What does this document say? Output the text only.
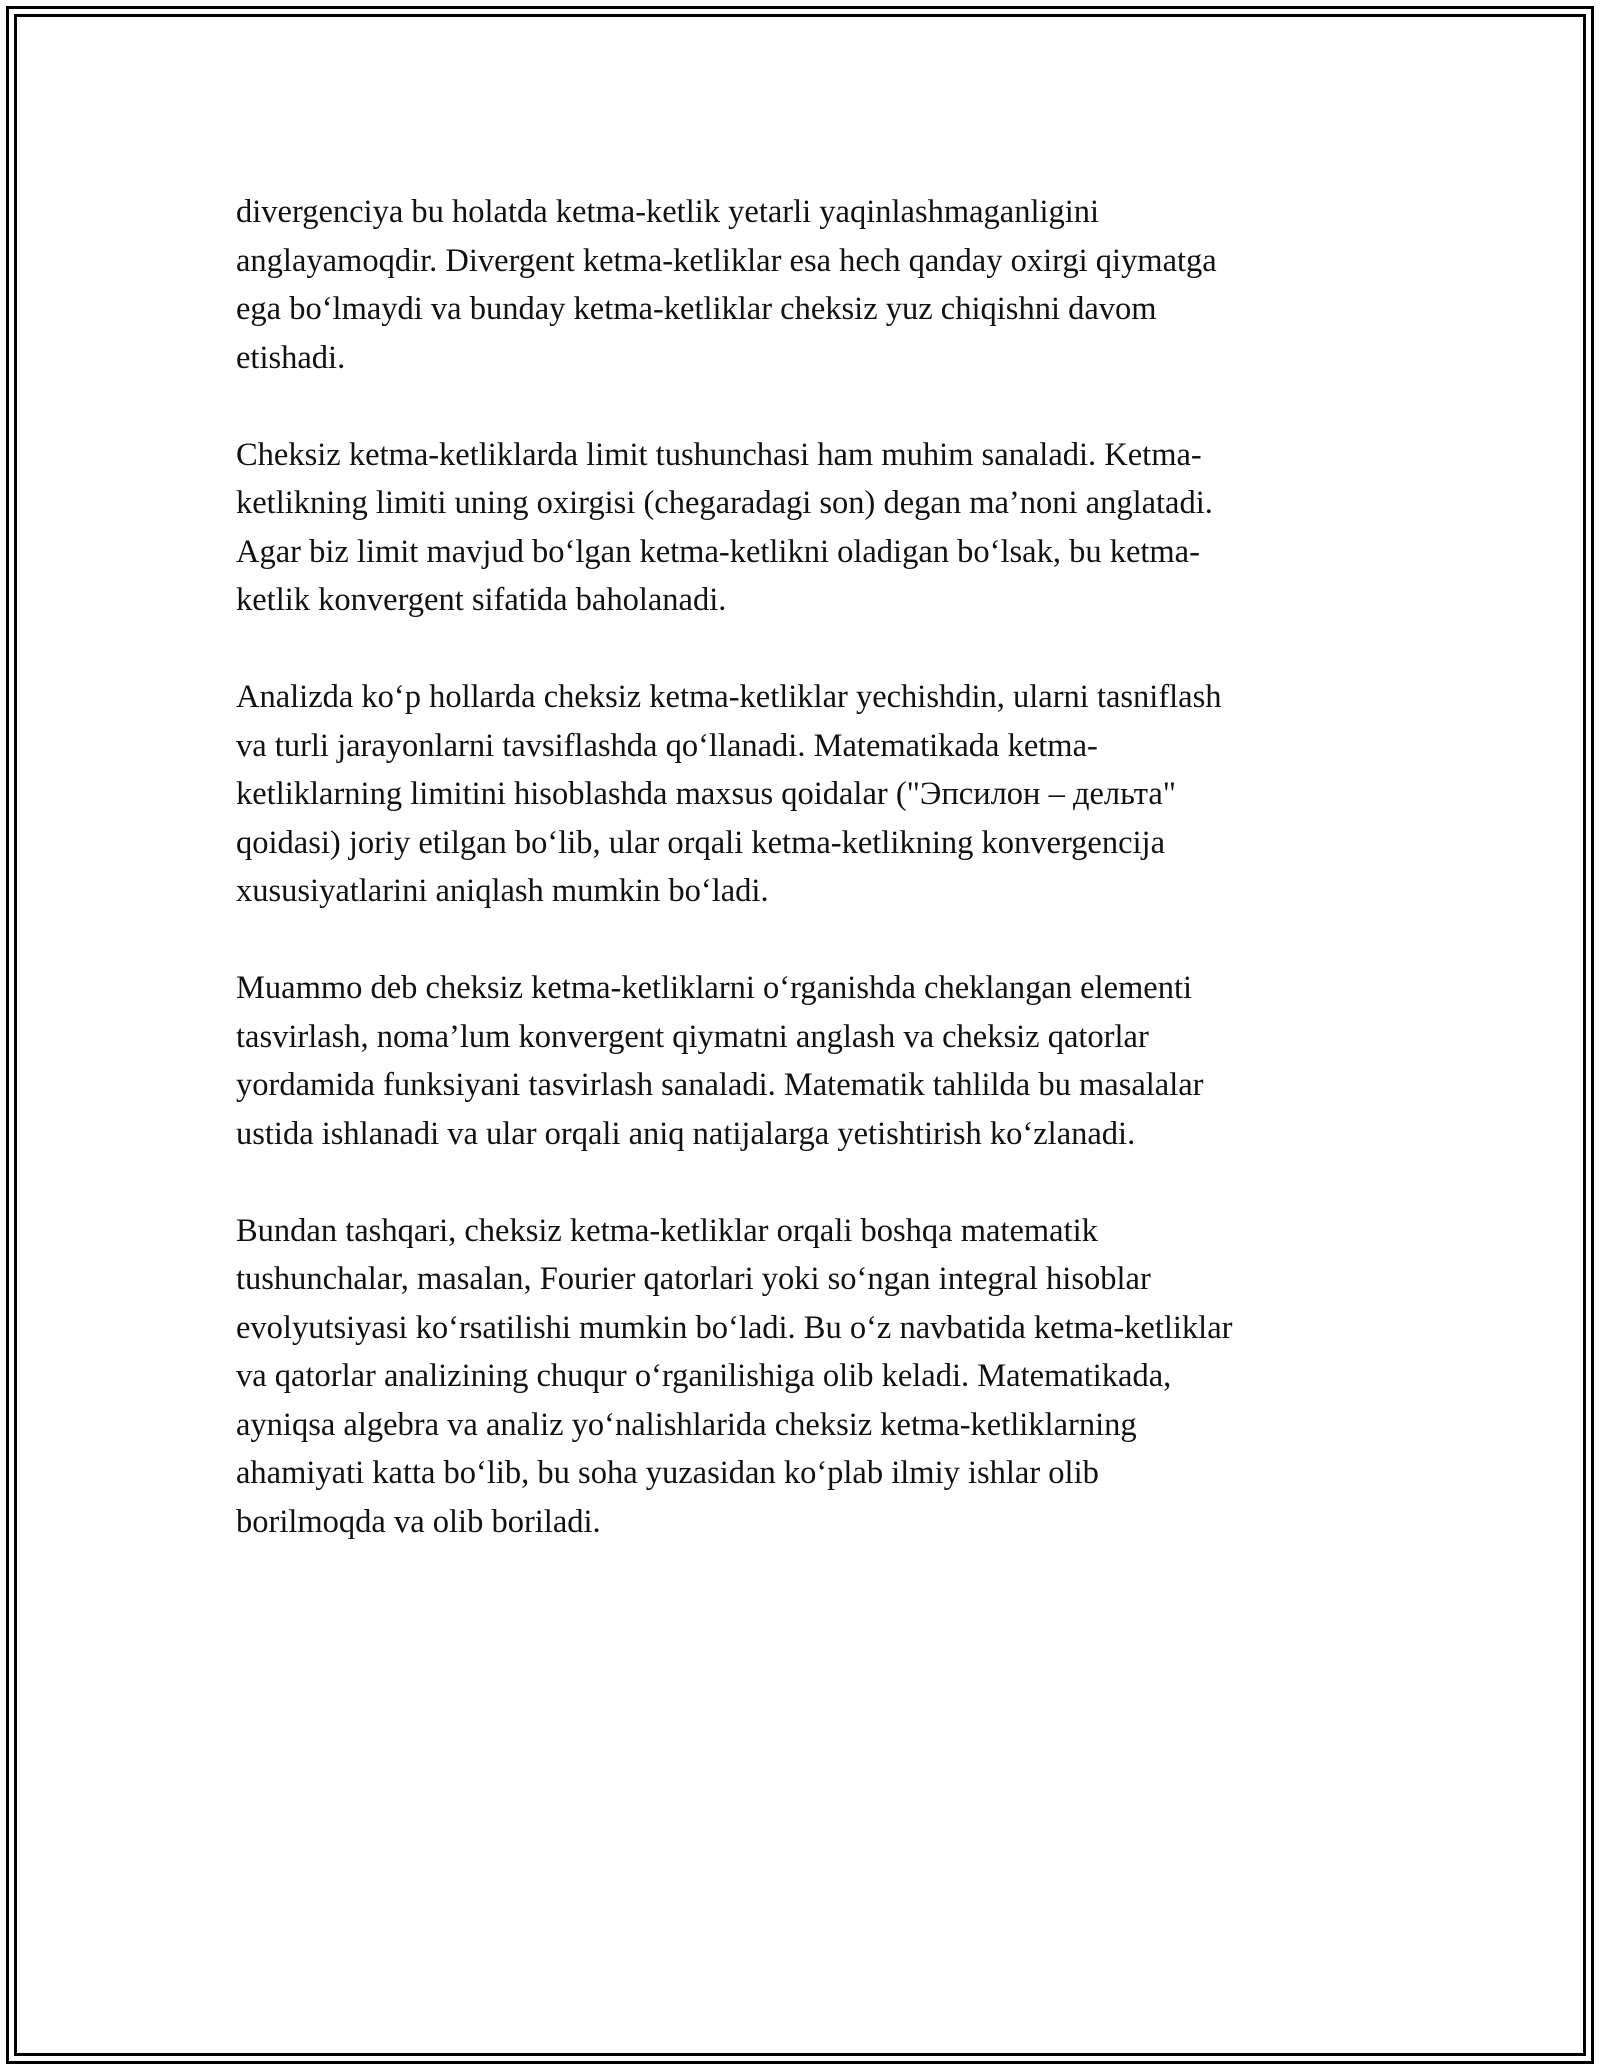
divergenciya bu holatda ketma-ketlik yetarli yaqinlashmaganligini
anglayamoqdir. Divergent ketma-ketliklar esa hech qanday oxirgi qiymatga
ega bo‘lmaydi va bunday ketma-ketliklar cheksiz yuz chiqishni davom
etishadi.

Cheksiz ketma-ketliklarda limit tushunchasi ham muhim sanaladi. Ketma-
ketlikning limiti uning oxirgisi (chegaradagi son) degan ma’noni anglatadi.
Agar biz limit mavjud bo‘lgan ketma-ketlikni oladigan bo‘lsak, bu ketma-
ketlik konvergent sifatida baholanadi.

Analizda ko‘p hollarda cheksiz ketma-ketliklar yechishdin, ularni tasniflash
va turli jarayonlarni tavsiflashda qo‘llanadi. Matematikada ketma-
ketliklarning limitini hisoblashda maxsus qoidalar ("Эпсилон – дельта"
qoidasi) joriy etilgan bo‘lib, ular orqali ketma-ketlikning konvergencija
xususiyatlarini aniqlash mumkin bo‘ladi.

Muammo deb cheksiz ketma-ketliklarni o‘rganishda cheklangan elementi
tasvirlash, noma’lum konvergent qiymatni anglash va cheksiz qatorlar
yordamida funksiyani tasvirlash sanaladi. Matematik tahlilda bu masalalar
ustida ishlanadi va ular orqali aniq natijalarga yetishtirish ko‘zlanadi.

Bundan tashqari, cheksiz ketma-ketliklar orqali boshqa matematik
tushunchalar, masalan, Fourier qatorlari yoki so‘ngan integral hisoblar
evolyutsiyasi ko‘rsatilishi mumkin bo‘ladi. Bu o‘z navbatida ketma-ketliklar
va qatorlar analizining chuqur o‘rganilishiga olib keladi. Matematikada,
ayniqsa algebra va analiz yo‘nalishlarida cheksiz ketma-ketliklarning
ahamiyati katta bo‘lib, bu soha yuzasidan ko‘plab ilmiy ishlar olib
borilmoqda va olib boriladi.
